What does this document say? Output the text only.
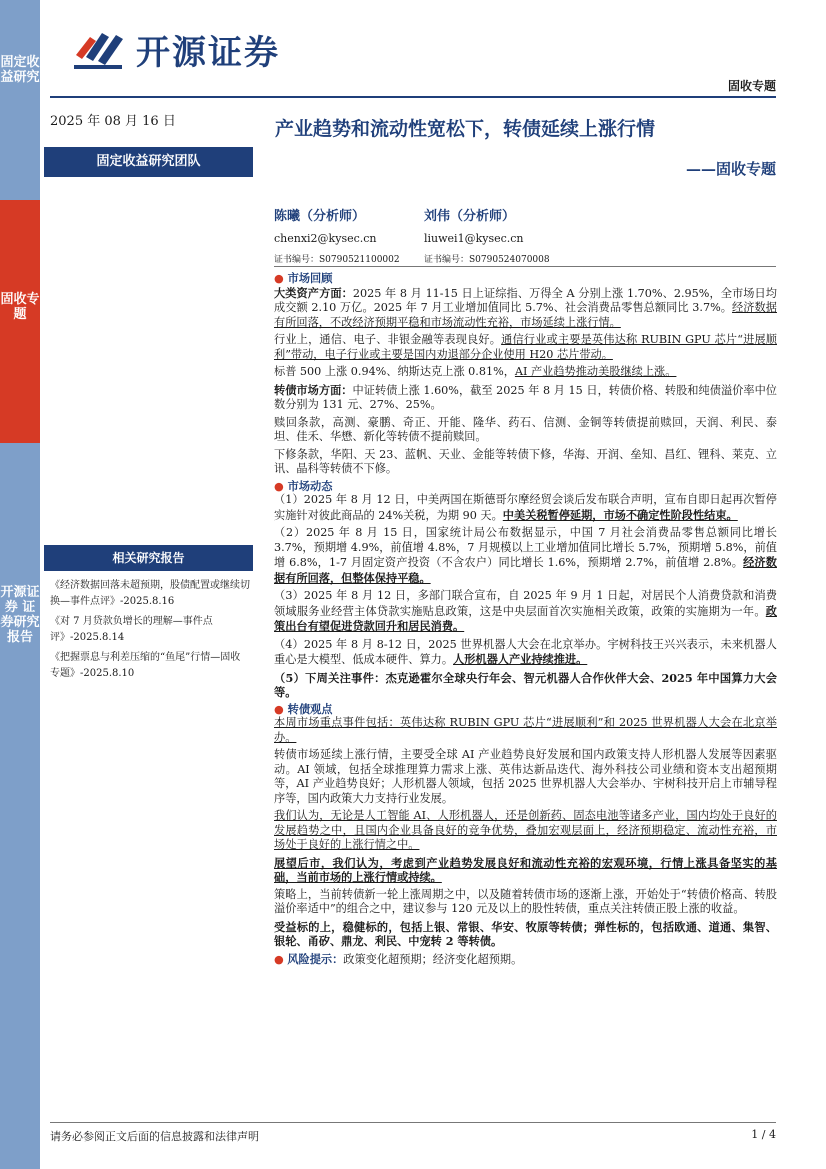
固定收益研究
固收专题
开源证券 证券研究报告
开源证券
固收专题
2025 年 08 月 16 日	产业趋势和流动性宽松下，转债延续上涨行情
——固收专题
固定收益研究团队
陈曦（分析师）
chenxi2@kysec.cn
证书编号：S0790521100002
刘伟（分析师）
liuwei1@kysec.cn
证书编号：S0790524070008
● 市场回顾

大类资产方面：2025 年 8 月 11-15 日上证综指、万得全 A 分别上涨 1.70%、2.95%，全市场日均成交额 2.10 万亿。2025 年 7 月工业增加值同比 5.7%、社会消费品零售总额同比 3.7%。经济数据有所回落，不改经济预期平稳和市场流动性充裕，市场延续上涨行情。

行业上，通信、电子、非银金融等表现良好。通信行业或主要是英伟达称 RUBIN GPU 芯片“进展顺利”带动，电子行业或主要是国内劝退部分企业使用 H20 芯片带动。

标普 500 上涨 0.94%、纳斯达克上涨 0.81%，AI 产业趋势推动美股继续上涨。

转债市场方面：中证转债上涨 1.60%，截至 2025 年 8 月 15 日，转债价格、转股和纯债溢价率中位数分别为 131 元、27%、25%。

赎回条款，高测、豪鹏、奇正、开能、隆华、药石、信测、金铜等转债提前赎回，天润、利民、泰坦、佳禾、华懋、新化等转债不提前赎回。

下修条款，华阳、天 23、蓝帆、天业、金能等转债下修，华海、开润、垒知、昌红、锂科、莱克、立讯、晶科等转债不下修。

● 市场动态

（1）2025 年 8 月 12 日，中美两国在斯德哥尔摩经贸会谈后发布联合声明，宣布自即日起再次暂停实施针对彼此商品的 24%关税，为期 90 天。中美关税暂停延期，市场不确定性阶段性结束。

（2）2025 年 8 月 15 日，国家统计局公布数据显示，中国 7 月社会消费品零售总额同比增长 3.7%，预期增 4.9%，前值增 4.8%，7 月规模以上工业增加值同比增长 5.7%，预期增 5.8%，前值增 6.8%，1-7 月固定资产投资（不含农户）同比增长 1.6%，预期增 2.7%，前值增 2.8%。经济数据有所回落，但整体保持平稳。

（3）2025 年 8 月 12 日，多部门联合宣布，自 2025 年 9 月 1 日起，对居民个人消费贷款和消费领域服务业经营主体贷款实施贴息政策，这是中央层面首次实施相关政策，政策的实施期为一年。政策出台有望促进贷款回升和居民消费。

（4）2025 年 8 月 8-12 日，2025 世界机器人大会在北京举办。宇树科技王兴兴表示，未来机器人重心是大模型、低成本硬件、算力。人形机器人产业持续推进。

（5）下周关注事件：杰克逊霍尔全球央行年会、智元机器人合作伙伴大会、2025 年中国算力大会等。

● 转债观点

本周市场重点事件包括：英伟达称 RUBIN GPU 芯片“进展顺利”和 2025 世界机器人大会在北京举办。

转债市场延续上涨行情，主要受全球 AI 产业趋势良好发展和国内政策支持人形机器人发展等因素驱动。AI 领域，包括全球推理算力需求上涨、英伟达新品迭代、海外科技公司业绩和资本支出超预期等，AI 产业趋势良好；人形机器人领域，包括 2025 世界机器人大会举办、宇树科技开启上市辅导程序等，国内政策大力支持行业发展。

我们认为，无论是人工智能 AI、人形机器人，还是创新药、固态电池等诸多产业，国内均处于良好的发展趋势之中，且国内企业具备良好的竞争优势，叠加宏观层面上，经济预期稳定、流动性充裕，市场处于良好的上涨行情之中。

展望后市，我们认为，考虑到产业趋势发展良好和流动性充裕的宏观环境，行情上涨具备坚实的基础，当前市场的上涨行情或持续。

策略上，当前转债新一轮上涨周期之中，以及随着转债市场的逐渐上涨，开始处于“转债价格高、转股溢价率适中”的组合之中，建议参与 120 元及以上的股性转债，重点关注转债正股上涨的收益。

受益标的上，稳健标的，包括上银、常银、华安、牧原等转债；弹性标的，包括欧通、道通、集智、银轮、甬矽、鼎龙、利民、中宠转 2 等转债。

● 风险提示：政策变化超预期；经济变化超预期。

相关研究报告
《经济数据回落未超预期，股债配置或继续切换—事件点评》-2025.8.16
《对 7 月贷款负增长的理解—事件点评》-2025.8.14
《把握票息与利差压缩的“鱼尾”行情—固收专题》-2025.8.10
请务必参阅正文后面的信息披露和法律声明	1 / 4
